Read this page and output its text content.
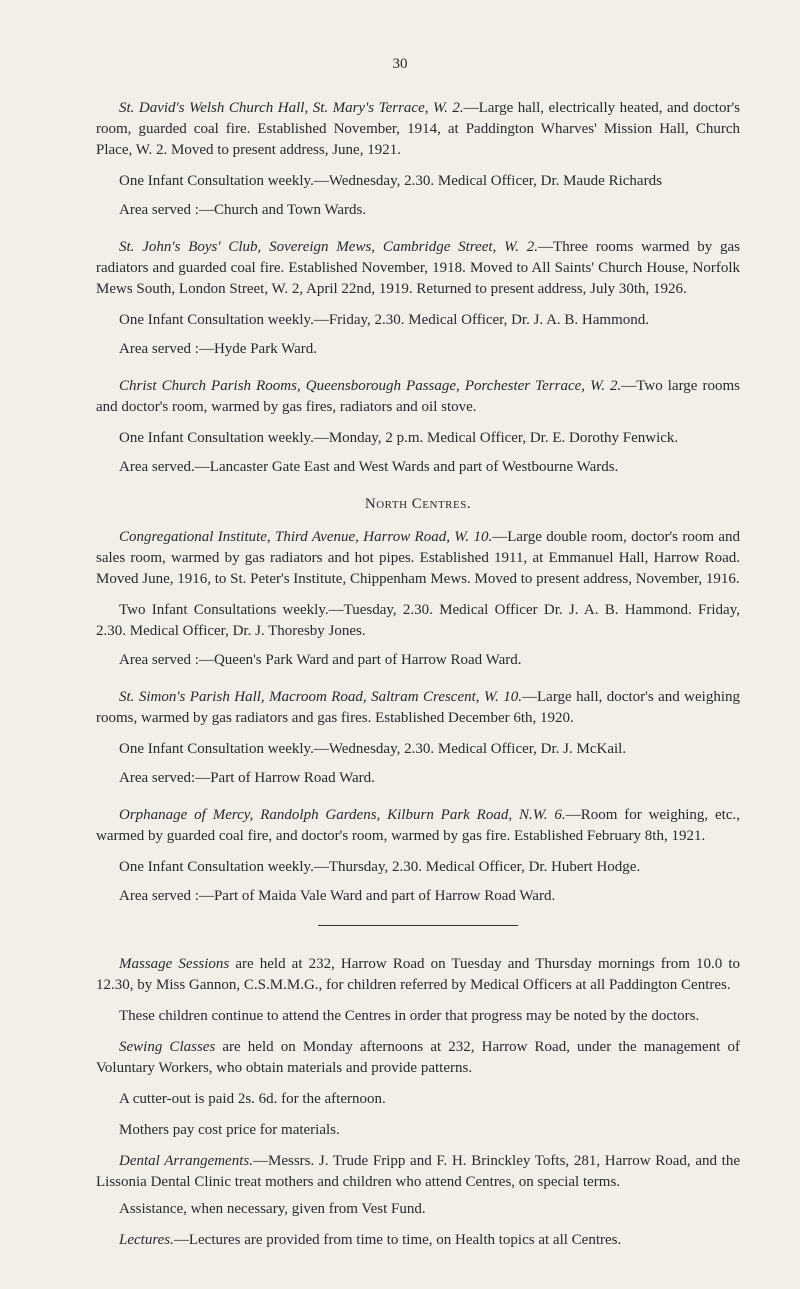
30

St. David's Welsh Church Hall, St. Mary's Terrace, W. 2.—Large hall, electrically heated, and doctor's room, guarded coal fire. Established November, 1914, at Paddington Wharves' Mission Hall, Church Place, W. 2. Moved to present address, June, 1921.

One Infant Consultation weekly.—Wednesday, 2.30. Medical Officer, Dr. Maude Richards

Area served :—Church and Town Wards.

St. John's Boys' Club, Sovereign Mews, Cambridge Street, W. 2.—Three rooms warmed by gas radiators and guarded coal fire. Established November, 1918. Moved to All Saints' Church House, Norfolk Mews South, London Street, W. 2, April 22nd, 1919. Returned to present address, July 30th, 1926.

One Infant Consultation weekly.—Friday, 2.30. Medical Officer, Dr. J. A. B. Hammond.

Area served :—Hyde Park Ward.

Christ Church Parish Rooms, Queensborough Passage, Porchester Terrace, W. 2.—Two large rooms and doctor's room, warmed by gas fires, radiators and oil stove.

One Infant Consultation weekly.—Monday, 2 p.m. Medical Officer, Dr. E. Dorothy Fenwick.

Area served.—Lancaster Gate East and West Wards and part of Westbourne Wards.

North Centres.

Congregational Institute, Third Avenue, Harrow Road, W. 10.—Large double room, doctor's room and sales room, warmed by gas radiators and hot pipes. Established 1911, at Emmanuel Hall, Harrow Road. Moved June, 1916, to St. Peter's Institute, Chippenham Mews. Moved to present address, November, 1916.

Two Infant Consultations weekly.—Tuesday, 2.30. Medical Officer Dr. J. A. B. Hammond. Friday, 2.30. Medical Officer, Dr. J. Thoresby Jones.

Area served :—Queen's Park Ward and part of Harrow Road Ward.

St. Simon's Parish Hall, Macroom Road, Saltram Crescent, W. 10.—Large hall, doctor's and weighing rooms, warmed by gas radiators and gas fires. Established December 6th, 1920.

One Infant Consultation weekly.—Wednesday, 2.30. Medical Officer, Dr. J. McKail.

Area served:—Part of Harrow Road Ward.

Orphanage of Mercy, Randolph Gardens, Kilburn Park Road, N.W. 6.—Room for weighing, etc., warmed by guarded coal fire, and doctor's room, warmed by gas fire. Established February 8th, 1921.

One Infant Consultation weekly.—Thursday, 2.30. Medical Officer, Dr. Hubert Hodge.

Area served :—Part of Maida Vale Ward and part of Harrow Road Ward.

Massage Sessions are held at 232, Harrow Road on Tuesday and Thursday mornings from 10.0 to 12.30, by Miss Gannon, C.S.M.M.G., for children referred by Medical Officers at all Paddington Centres.

These children continue to attend the Centres in order that progress may be noted by the doctors.

Sewing Classes are held on Monday afternoons at 232, Harrow Road, under the management of Voluntary Workers, who obtain materials and provide patterns.

A cutter-out is paid 2s. 6d. for the afternoon.

Mothers pay cost price for materials.

Dental Arrangements.—Messrs. J. Trude Fripp and F. H. Brinckley Tofts, 281, Harrow Road, and the Lissonia Dental Clinic treat mothers and children who attend Centres, on special terms.

Assistance, when necessary, given from Vest Fund.

Lectures.—Lectures are provided from time to time, on Health topics at all Centres.
